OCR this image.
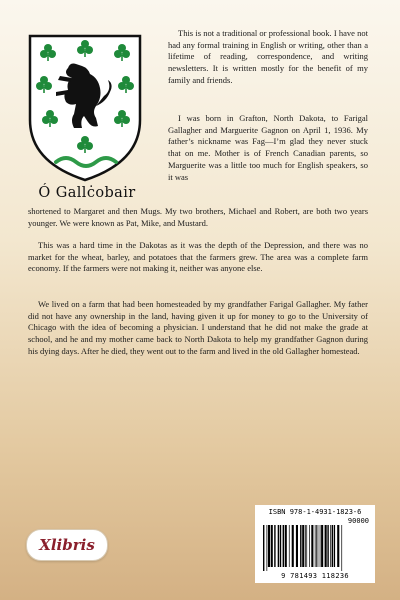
Ó Gallċobair

This is not a traditional or professional book. I have not had any formal training in English or writing, other than a lifetime of reading, correspondence, and writing newsletters. It is written mostly for the benefit of my family and friends.

I was born in Grafton, North Dakota, to Farigal Gallagher and Marguerite Gagnon on April 1, 1936. My father’s nickname was Fag—I’m glad they never stuck that on me. Mother is of French Canadian parents, so Marguerite was a little too much for English speakers, so it was

shortened to Margaret and then Mugs. My two brothers, Michael and Robert, are both two years younger. We were known as Pat, Mike, and Mustard.

This was a hard time in the Dakotas as it was the depth of the Depression, and there was no market for the wheat, barley, and potatoes that the farmers grew. The area was a complete farm economy. If the farmers were not making it, neither was anyone else.

We lived on a farm that had been homesteaded by my grandfather Farigal Gallagher. My father did not have any ownership in the land, having given it up for money to go to the University of Chicago with the idea of becoming a physician. I understand that he did not make the grade at school, and he and my mother came back to North Dakota to help my grandfather Gagnon during his dying days. After he died, they went out to the farm and lived in the old Gallagher homestead.

Xlibris
ISBN 978-1-4931-1823-6
90000
9 781493 118236
